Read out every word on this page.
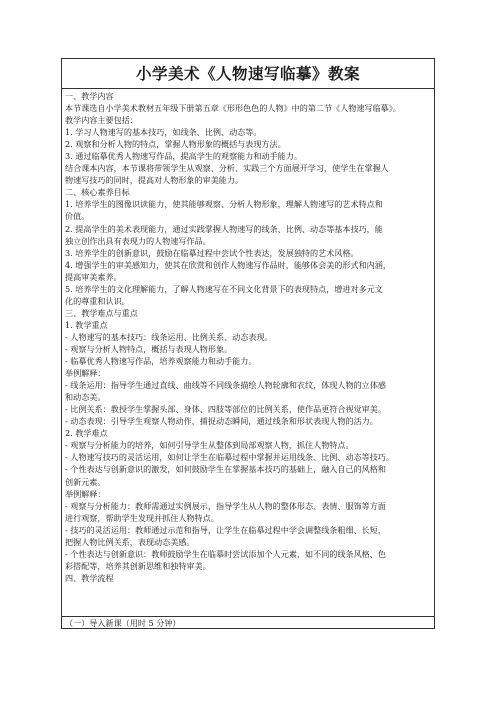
小学美术《人物速写临摹》教案

一、教学内容

本节课选自小学美术教材五年级下册第五章《形形色色的人物》中的第二节《人物速写临摹》。

教学内容主要包括：

1. 学习人物速写的基本技巧，如线条、比例、动态等。

2. 观察和分析人物的特点，掌握人物形象的概括与表现方法。

3. 通过临摹优秀人物速写作品，提高学生的观察能力和动手能力。

结合课本内容，本节课将带领学生从观察、分析、实践三个方面展开学习，使学生在掌握人

物速写技巧的同时，提高对人物形象的审美能力。

二、核心素养目标

1. 培养学生的图像识读能力，使其能够观察、分析人物形象，理解人物速写的艺术特点和

价值。

2. 提高学生的美术表现能力，通过实践掌握人物速写的线条、比例、动态等基本技巧，能

独立创作出具有表现力的人物速写作品。

3. 培养学生的创新意识，鼓励在临摹过程中尝试个性表达，发展独特的艺术风格。

4. 增强学生的审美感知力，使其在欣赏和创作人物速写作品时，能够体会美的形式和内涵，

提高审美素养。

5. 培养学生的文化理解能力，了解人物速写在不同文化背景下的表现特点，增进对多元文

化的尊重和认识。

三、教学难点与重点

1. 教学重点

- 人物速写的基本技巧：线条运用、比例关系、动态表现。

- 观察与分析人物特点，概括与表现人物形象。

- 临摹优秀人物速写作品，培养观察能力和动手能力。

举例解释：

- 线条运用：指导学生通过直线、曲线等不同线条描绘人物轮廓和衣纹，体现人物的立体感

和动态美。

- 比例关系：教授学生掌握头部、身体、四肢等部位的比例关系，使作品更符合视觉审美。

- 动态表现：引导学生观察人物动作，捕捉动态瞬间，通过线条和形状表现人物的活力。

2. 教学难点

- 观察与分析能力的培养，如何引导学生从整体到局部观察人物，抓住人物特点。

- 人物速写技巧的灵活运用，如何让学生在临摹过程中掌握并运用线条、比例、动态等技巧。

- 个性表达与创新意识的激发，如何鼓励学生在掌握基本技巧的基础上，融入自己的风格和

创新元素。

举例解释：

- 观察与分析能力：教师需通过实例展示，指导学生从人物的整体形态、表情、服饰等方面

进行观察，帮助学生发现并抓住人物特点。

- 技巧的灵活运用：教师通过示范和指导，让学生在临摹过程中学会调整线条粗细、长短，

把握人物比例关系，表现动态美感。

- 个性表达与创新意识：教师鼓励学生在临摹时尝试添加个人元素，如不同的线条风格、色

彩搭配等，培养其创新思维和独特审美。

四、教学流程

（一）导入新课（用时 5 分钟）
